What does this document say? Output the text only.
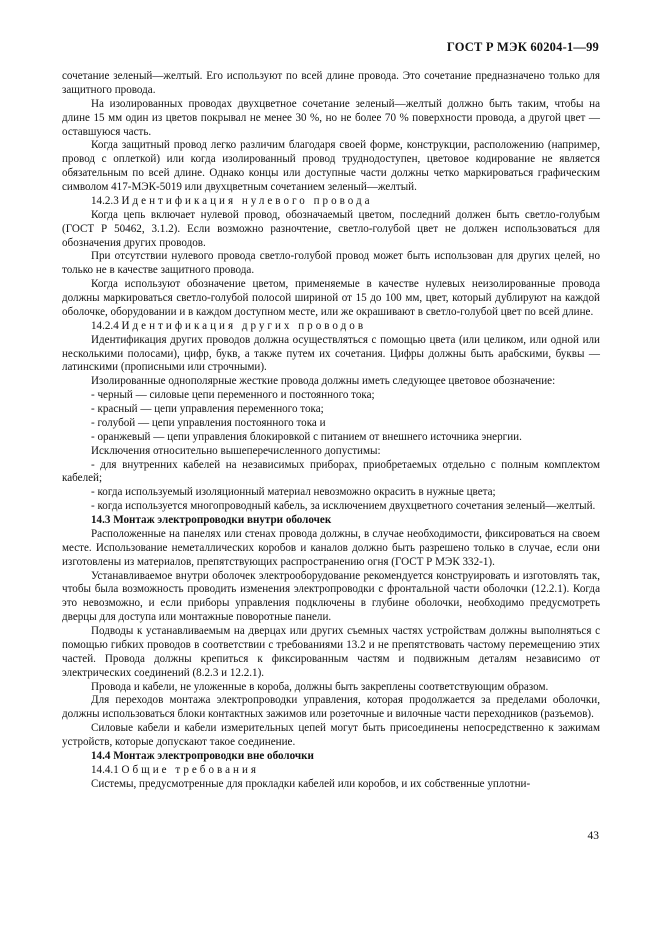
ГОСТ Р МЭК 60204-1—99

сочетание зеленый—желтый. Его используют по всей длине провода. Это сочетание предназначено только для защитного провода.

На изолированных проводах двухцветное сочетание зеленый—желтый должно быть таким, чтобы на длине 15 мм один из цветов покрывал не менее 30 %, но не более 70 % поверхности провода, а другой цвет — оставшуюся часть.

Когда защитный провод легко различим благодаря своей форме, конструкции, расположению (например, провод с оплеткой) или когда изолированный провод труднодоступен, цветовое кодирование не является обязательным по всей длине. Однако концы или доступные части должны четко маркироваться графическим символом 417-МЭК-5019 или двухцветным сочетанием зеленый—желтый.

14.2.3 Идентификация нулевого провода

Когда цепь включает нулевой провод, обозначаемый цветом, последний должен быть светло-голубым (ГОСТ Р 50462, 3.1.2). Если возможно разночтение, светло-голубой цвет не должен использоваться для обозначения других проводов.

При отсутствии нулевого провода светло-голубой провод может быть использован для других целей, но только не в качестве защитного провода.

Когда используют обозначение цветом, применяемые в качестве нулевых неизолированные провода должны маркироваться светло-голубой полосой шириной от 15 до 100 мм, цвет, который дублируют на каждой оболочке, оборудовании и в каждом доступном месте, или же окрашивают в светло-голубой цвет по всей длине.

14.2.4 Идентификация других проводов

Идентификация других проводов должна осуществляться с помощью цвета (или целиком, или одной или несколькими полосами), цифр, букв, а также путем их сочетания. Цифры должны быть арабскими, буквы — латинскими (прописными или строчными).

Изолированные однополярные жесткие провода должны иметь следующее цветовое обозначение:

- черный — силовые цепи переменного и постоянного тока;

- красный — цепи управления переменного тока;

- голубой — цепи управления постоянного тока и

- оранжевый — цепи управления блокировкой с питанием от внешнего источника энергии.

Исключения относительно вышеперечисленного допустимы:

- для внутренних кабелей на независимых приборах, приобретаемых отдельно с полным комплектом кабелей;

- когда используемый изоляционный материал невозможно окрасить в нужные цвета;

- когда используется многопроводный кабель, за исключением двухцветного сочетания зеленый—желтый.

14.3 Монтаж электропроводки внутри оболочек

Расположенные на панелях или стенах провода должны, в случае необходимости, фиксироваться на своем месте. Использование неметаллических коробов и каналов должно быть разрешено только в случае, если они изготовлены из материалов, препятствующих распространению огня (ГОСТ Р МЭК 332-1).

Устанавливаемое внутри оболочек электрооборудование рекомендуется конструировать и изготовлять так, чтобы была возможность проводить изменения электропроводки с фронтальной части оболочки (12.2.1). Когда это невозможно, и если приборы управления подключены в глубине оболочки, необходимо предусмотреть дверцы для доступа или монтажные поворотные панели.

Подводы к устанавливаемым на дверцах или других съемных частях устройствам должны выполняться с помощью гибких проводов в соответствии с требованиями 13.2 и не препятствовать частому перемещению этих частей. Провода должны крепиться к фиксированным частям и подвижным деталям независимо от электрических соединений (8.2.3 и 12.2.1).

Провода и кабели, не уложенные в короба, должны быть закреплены соответствующим образом.

Для переходов монтажа электропроводки управления, которая продолжается за пределами оболочки, должны использоваться блоки контактных зажимов или розеточные и вилочные части переходников (разъемов).

Силовые кабели и кабели измерительных цепей могут быть присоединены непосредственно к зажимам устройств, которые допускают такое соединение.

14.4 Монтаж электропроводки вне оболочки

14.4.1 Общие требования

Системы, предусмотренные для прокладки кабелей или коробов, и их собственные уплотни-

43
